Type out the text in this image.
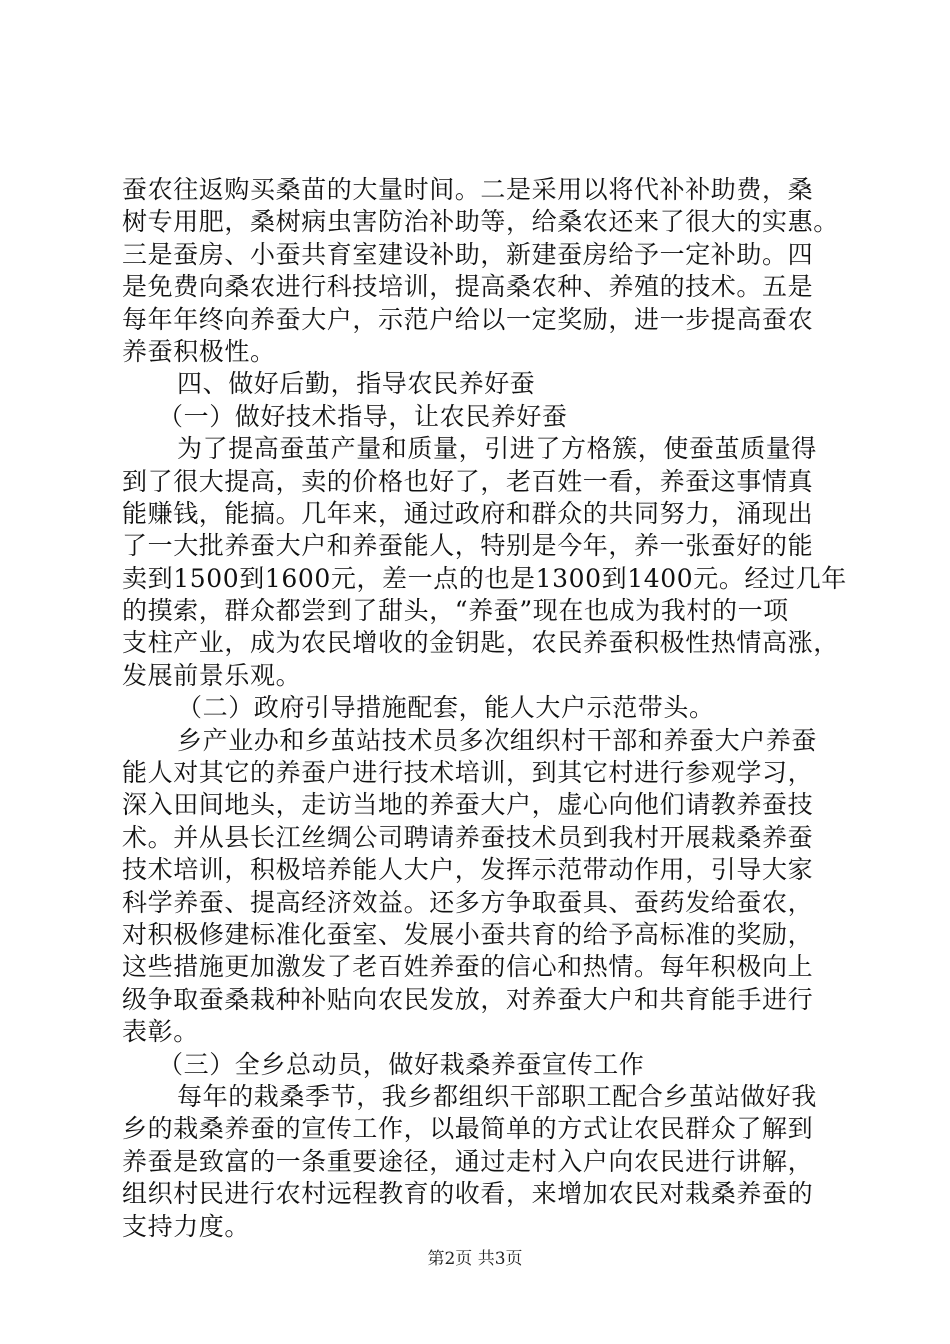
蚕农往返购买桑苗的大量时间。二是采用以将代补补助费，桑
树专用肥，桑树病虫害防治补助等，给桑农还来了很大的实惠。
三是蚕房、小蚕共育室建设补助，新建蚕房给予一定补助。四
是免费向桑农进行科技培训，提高桑农种、养殖的技术。五是
每年年终向养蚕大户，示范户给以一定奖励，进一步提高蚕农
养蚕积极性。
四、做好后勤，指导农民养好蚕
（一）做好技术指导，让农民养好蚕
为了提高蚕茧产量和质量，引进了方格簇，使蚕茧质量得
到了很大提高，卖的价格也好了，老百姓一看，养蚕这事情真
能赚钱，能搞。几年来，通过政府和群众的共同努力，涌现出
了一大批养蚕大户和养蚕能人，特别是今年，养一张蚕好的能
卖到1500到1600元，差一点的也是1300到1400元。经过几年
的摸索，群众都尝到了甜头，“养蚕”现在也成为我村的一项
支柱产业，成为农民增收的金钥匙，农民养蚕积极性热情高涨，
发展前景乐观。
（二）政府引导措施配套，能人大户示范带头。
乡产业办和乡茧站技术员多次组织村干部和养蚕大户养蚕
能人对其它的养蚕户进行技术培训，到其它村进行参观学习，
深入田间地头，走访当地的养蚕大户，虚心向他们请教养蚕技
术。并从县长江丝绸公司聘请养蚕技术员到我村开展栽桑养蚕
技术培训，积极培养能人大户，发挥示范带动作用，引导大家
科学养蚕、提高经济效益。还多方争取蚕具、蚕药发给蚕农，
对积极修建标准化蚕室、发展小蚕共育的给予高标准的奖励，
这些措施更加激发了老百姓养蚕的信心和热情。每年积极向上
级争取蚕桑栽种补贴向农民发放，对养蚕大户和共育能手进行
表彰。
（三）全乡总动员，做好栽桑养蚕宣传工作
每年的栽桑季节，我乡都组织干部职工配合乡茧站做好我
乡的栽桑养蚕的宣传工作，以最简单的方式让农民群众了解到
养蚕是致富的一条重要途径，通过走村入户向农民进行讲解，
组织村民进行农村远程教育的收看，来增加农民对栽桑养蚕的
支持力度。
第2页 共3页
